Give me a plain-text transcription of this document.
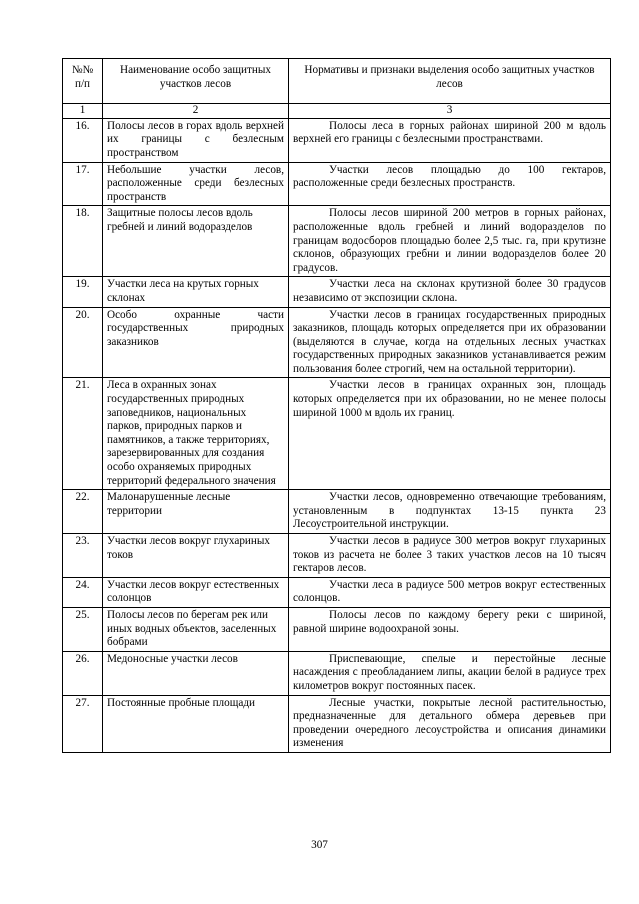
№№ п/п	Наименование особо защитных участков лесов	Нормативы и признаки выделения особо защитных участков лесов
1	2	3
16.	Полосы лесов в горах вдоль верхней их границы с безлесным пространством	Полосы леса в горных районах шириной 200 м вдоль верхней его границы с безлесными пространствами.
17.	Небольшие участки лесов, расположенные среди безлесных пространств	Участки лесов площадью до 100 гектаров, расположенные среди безлесных пространств.
18.	Защитные полосы лесов вдоль гребней и линий водоразделов	Полосы лесов шириной 200 метров в горных районах, расположенные вдоль гребней и линий водоразделов по границам водосборов площадью более 2,5 тыс. га, при крутизне склонов, образующих гребни и линии водоразделов более 20 градусов.
19.	Участки леса на крутых горных склонах	Участки леса на склонах крутизной более 30 градусов независимо от экспозиции склона.
20.	Особо охранные части государственных природных заказников	Участки лесов в границах государственных природных заказников, площадь которых определяется при их образовании (выделяются в случае, когда на отдельных лесных участках государственных природных заказников устанавливается режим пользования более строгий, чем на остальной территории).
21.	Леса в охранных зонах государственных природных заповедников, национальных парков, природных парков и памятников, а также территориях, зарезервированных для создания особо охраняемых природных территорий федерального значения	Участки лесов в границах охранных зон, площадь которых определяется при их образовании, но не менее полосы шириной 1000 м вдоль их границ.
22.	Малонарушенные лесные территории	Участки лесов, одновременно отвечающие требованиям, установленным в подпунктах 13-15 пункта 23 Лесоустроительной инструкции.
23.	Участки лесов вокруг глухариных токов	Участки лесов в радиусе 300 метров вокруг глухариных токов из расчета не более 3 таких участков лесов на 10 тысяч гектаров лесов.
24.	Участки лесов вокруг естественных солонцов	Участки леса в радиусе 500 метров вокруг естественных солонцов.
25.	Полосы лесов по берегам рек или иных водных объектов, заселенных бобрами	Полосы лесов по каждому берегу реки с шириной, равной ширине водоохраной зоны.
26.	Медоносные участки лесов	Приспевающие, спелые и перестойные лесные насаждения с преобладанием липы, акации белой в радиусе трех километров вокруг постоянных пасек.
27.	Постоянные пробные площади	Лесные участки, покрытые лесной растительностью, предназначенные для детального обмера деревьев при проведении очередного лесоустройства и описания динамики изменения
307
